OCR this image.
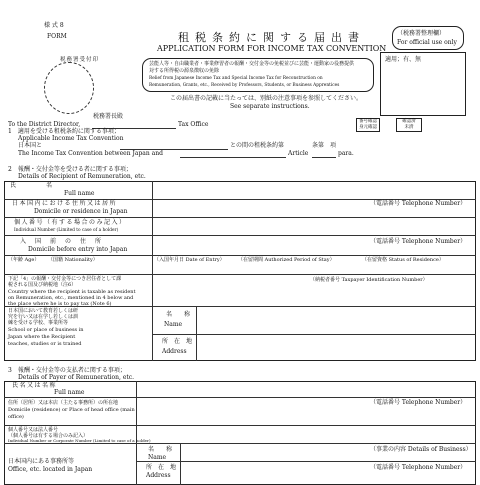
様 式 8
FORM	租税条約に関する届出書
APPLICATION FORM FOR INCOME TAX CONVENTION
（税務署整理欄）
For official use only
適用；有、無
税務署受付印
芸能人等・自由職業者・事業修習者の報酬・交付金等の免税並びに芸能・運動家の役務提供
対する所得税の源泉徴収の免除
Relief from Japanese Income Tax and Special Income Tax for Reconstruction on
Remuneration, Grants, etc., Received by Professors, Students, or Business Apprentices
この届出書の記載に当たっては、別紙の注意事項を参照してください。
See separate instructions.
番号確認
身元確認
確認済
未済
税務署長殿
To the District Director,	Tax Office
1　適用を受ける租税条約に関する事項；
Applicable Income Tax Convention
日本国と	との間の租税条約第	条第　項
The Income Tax Convention between Japan and	Article	para.
2　報酬・交付金等を受ける者に関する事項；
Details of Recipient of Remuneration, etc.
氏　　　　　名
Full name
日本国内における住所又は居所
Domicile or residence in Japan
（電話番号 Telephone Number）
個人番号（有する場合のみ記入）
Individual Number (Limited to case of a holder)
入　国　前　の　住　所
Domicile before entry into Japan
（電話番号 Telephone Number）
（年齢 Age） （国籍 Nationality）	（入国年月日 Date of Entry）	（在留期間 Authorized Period of Stay）	（在留資格 Status of Residence）
下記「4」の報酬・交付金等につき居住者として課
税される国及び納税地（注6）
Country where the recipient is taxable as resident
on Remuneration, etc., mentioned in 4 below and
the place where he is to pay tax (Note 6)
（納税者番号 Taxpayer Identification Number）
日本国において教育若しくは研
究を行い又は在学し若しくは訓
練を受ける学校、事業所等
School or place of business in
Japan where the Recipient
teaches, studies or is trained
名　　称
Name
所　在　地
Address
3　報酬・交付金等の支払者に関する事項；
Details of Payer of Remuneration, etc.
氏名又は名称
Full name
住所（居所）又は本店（主たる事務所）の所在地
Domicile (residence) or Place of head office (main
office)
（電話番号 Telephone Number）
個人番号又は法人番号
（個人番号は有する場合のみ記入）
Individual Number or Corporate Number (Limited to case of a holder)
日本国内にある事務所等
Office, etc. located in Japan
名　　称
Name
（事業の内容 Details of Business）
所　在　地
Address
（電話番号 Telephone Number）
